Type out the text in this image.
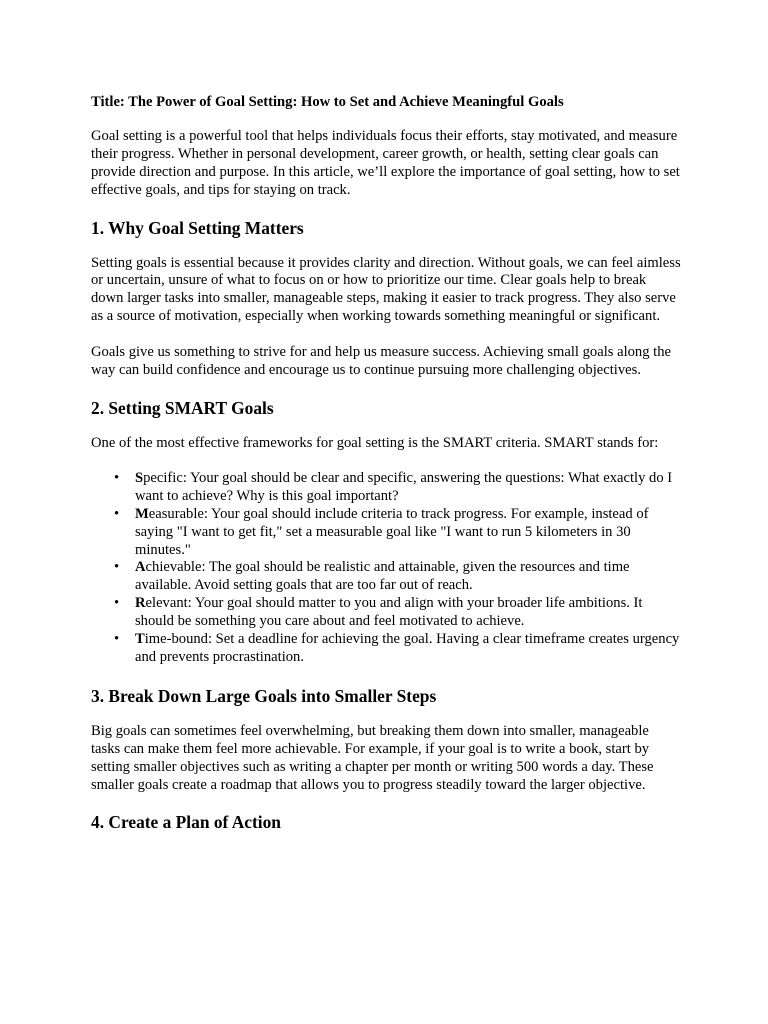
Title: The Power of Goal Setting: How to Set and Achieve Meaningful Goals

Goal setting is a powerful tool that helps individuals focus their efforts, stay motivated, and measure their progress. Whether in personal development, career growth, or health, setting clear goals can provide direction and purpose. In this article, we’ll explore the importance of goal setting, how to set effective goals, and tips for staying on track.

1. Why Goal Setting Matters

Setting goals is essential because it provides clarity and direction. Without goals, we can feel aimless or uncertain, unsure of what to focus on or how to prioritize our time. Clear goals help to break down larger tasks into smaller, manageable steps, making it easier to track progress. They also serve as a source of motivation, especially when working towards something meaningful or significant.

Goals give us something to strive for and help us measure success. Achieving small goals along the way can build confidence and encourage us to continue pursuing more challenging objectives.

2. Setting SMART Goals

One of the most effective frameworks for goal setting is the SMART criteria. SMART stands for:

• Specific: Your goal should be clear and specific, answering the questions: What exactly do I want to achieve? Why is this goal important?
• Measurable: Your goal should include criteria to track progress. For example, instead of saying "I want to get fit," set a measurable goal like "I want to run 5 kilometers in 30 minutes."
• Achievable: The goal should be realistic and attainable, given the resources and time available. Avoid setting goals that are too far out of reach.
• Relevant: Your goal should matter to you and align with your broader life ambitions. It should be something you care about and feel motivated to achieve.
• Time-bound: Set a deadline for achieving the goal. Having a clear timeframe creates urgency and prevents procrastination.
3. Break Down Large Goals into Smaller Steps

Big goals can sometimes feel overwhelming, but breaking them down into smaller, manageable tasks can make them feel more achievable. For example, if your goal is to write a book, start by setting smaller objectives such as writing a chapter per month or writing 500 words a day. These smaller goals create a roadmap that allows you to progress steadily toward the larger objective.

4. Create a Plan of Action
